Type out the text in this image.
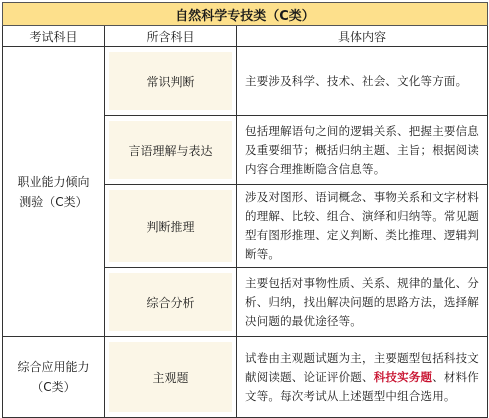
自然科学专技类（C类）		
考试科目	所含科目	具体内容

职业能力倾向
测验（C类）	常识判断	主要涉及科学、技术、社会、文化等方面。

言语理解与表达	包括理解语句之间的逻辑关系、把握主要信息及重要细节；概括归纳主题、主旨；根据阅读内容合理推断隐含信息等。

判断推理	涉及对图形、语词概念、事物关系和文字材料的理解、比较、组合、演绎和归纳等。常见题型有图形推理、定义判断、类比推理、逻辑判断等。

综合分析	主要包括对事物性质、关系、规律的量化、分析、归纳，找出解决问题的思路方法，选择解决问题的最优途径等。

综合应用能力
（C类）	主观题	试卷由主观题试题为主，主要题型包括科技文献阅读题、论证评价题、科技实务题、材料作文等。每次考试从上述题型中组合选用。
